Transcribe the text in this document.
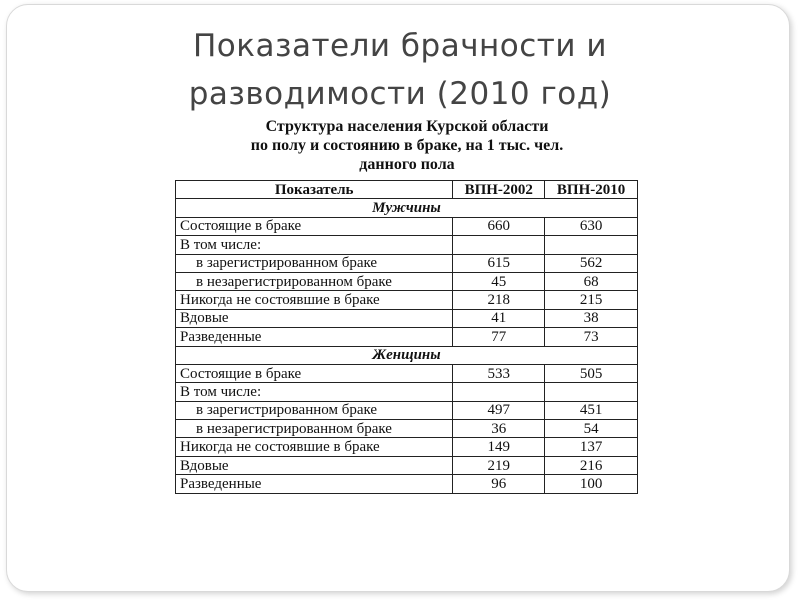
Показатели брачности и
разводимости (2010 год)
Структура населения Курской области
по полу и состоянию в браке, на 1 тыс. чел.
данного пола
Показатель	ВПН-2002	ВПН-2010
Мужчины		
Состоящие в браке	660	630
В том числе:		
в зарегистрированном браке	615	562
в незарегистрированном браке	45	68
Никогда не состоявшие в браке	218	215
Вдовые	41	38
Разведенные	77	73
Женщины		
Состоящие в браке	533	505
В том числе:		
в зарегистрированном браке	497	451
в незарегистрированном браке	36	54
Никогда не состоявшие в браке	149	137
Вдовые	219	216
Разведенные	96	100
